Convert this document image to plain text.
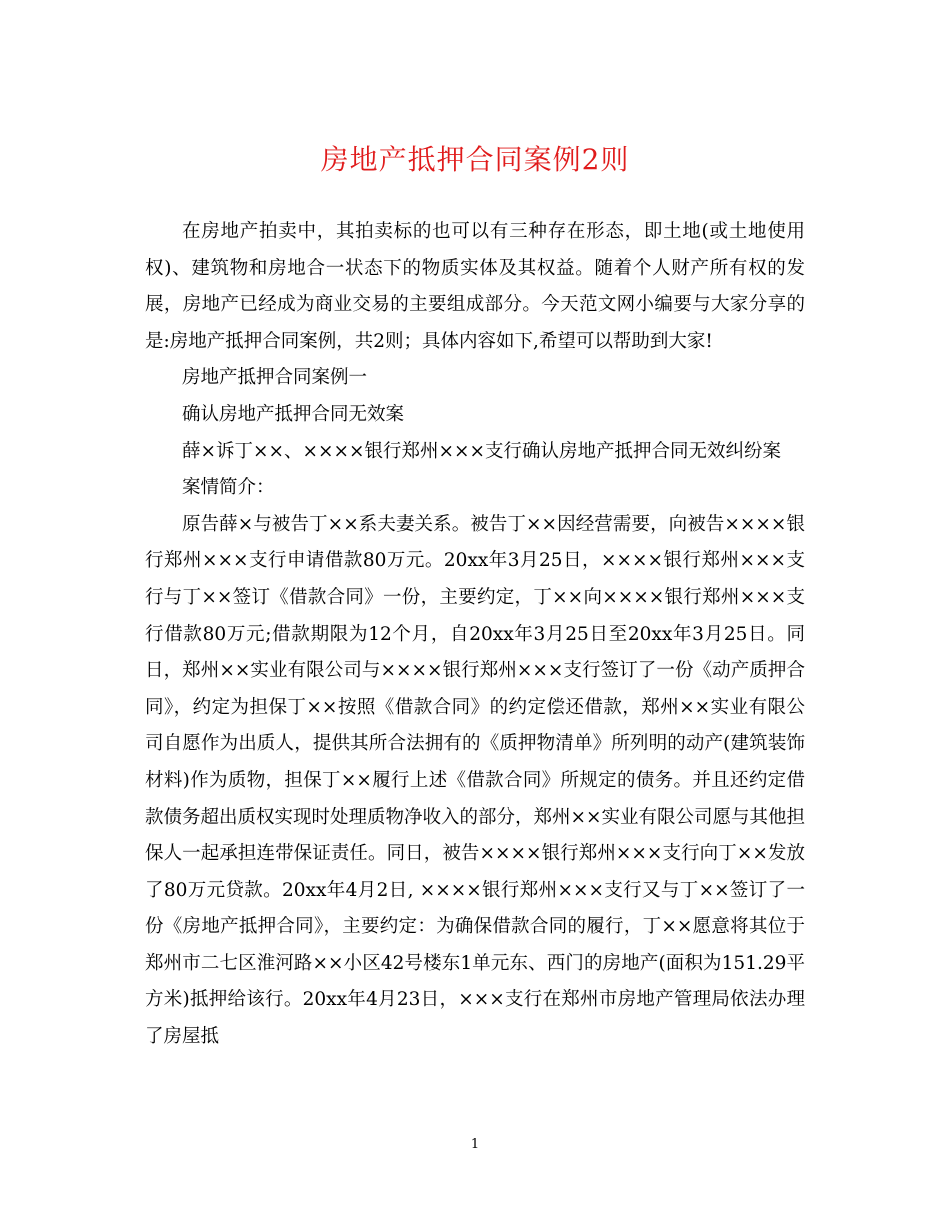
房地产抵押合同案例2则

在房地产拍卖中，其拍卖标的也可以有三种存在形态，即土地(或土地使用权)、建筑物和房地合一状态下的物质实体及其权益。随着个人财产所有权的发展，房地产已经成为商业交易的主要组成部分。今天范文网小编要与大家分享的是:房地产抵押合同案例，共2则；具体内容如下,希望可以帮助到大家!

房地产抵押合同案例一

确认房地产抵押合同无效案

薛×诉丁××、××××银行郑州×××支行确认房地产抵押合同无效纠纷案

案情简介：

原告薛×与被告丁××系夫妻关系。被告丁××因经营需要，向被告××××银行郑州×××支行申请借款80万元。20xx年3月25日，××××银行郑州×××支行与丁××签订《借款合同》一份，主要约定，丁××向××××银行郑州×××支行借款80万元;借款期限为12个月，自20xx年3月25日至20xx年3月25日。同日，郑州××实业有限公司与××××银行郑州×××支行签订了一份《动产质押合同》，约定为担保丁××按照《借款合同》的约定偿还借款，郑州××实业有限公司自愿作为出质人，提供其所合法拥有的《质押物清单》所列明的动产(建筑装饰材料)作为质物，担保丁××履行上述《借款合同》所规定的债务。并且还约定借款债务超出质权实现时处理质物净收入的部分，郑州××实业有限公司愿与其他担保人一起承担连带保证责任。同日，被告××××银行郑州×××支行向丁××发放了80万元贷款。20xx年4月2日, ××××银行郑州×××支行又与丁××签订了一份《房地产抵押合同》，主要约定：为确保借款合同的履行，丁××愿意将其位于郑州市二七区淮河路××小区42号楼东1单元东、西门的房地产(面积为151.29平方米)抵押给该行。20xx年4月23日，×××支行在郑州市房地产管理局依法办理了房屋抵

1
